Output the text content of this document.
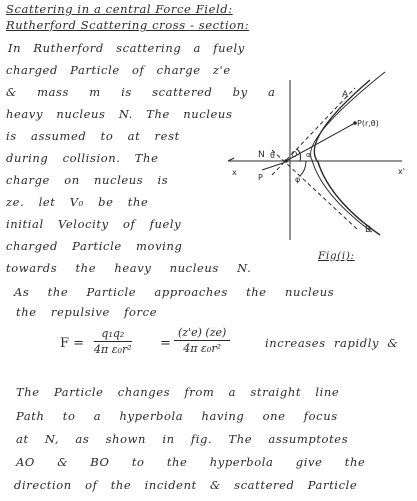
Scattering in a central Force Field:
Rutherford Scattering cross - section:
In Rutherford scattering a fuely
charged Particle of charge z'e
& mass m is scattered by a
heavy nucleus N. The nucleus
is assumed to at rest
during collision. The
charge on nucleus is
ze. let V₀ be the
initial Velocity of fuely
charged Particle moving
towards the heavy nucleus N.
A
P(r,θ)
N θ O α
φ
P
x	x'
B
Fig(i):
As the Particle approaches the nucleus
the repulsive force
$F = \frac{\text{q₁q₂}}{\text{4π ε₀r²}} = \frac{(z'e) (ze)}{\text{4π ε₀r²}}$	increases rapidly &
The Particle changes from a straight line
Path to a hyperbola having one focus
at N, as shown in fig. The assumptotes
AO & BO to the hyperbola give the
direction of the incident & scattered Particle
